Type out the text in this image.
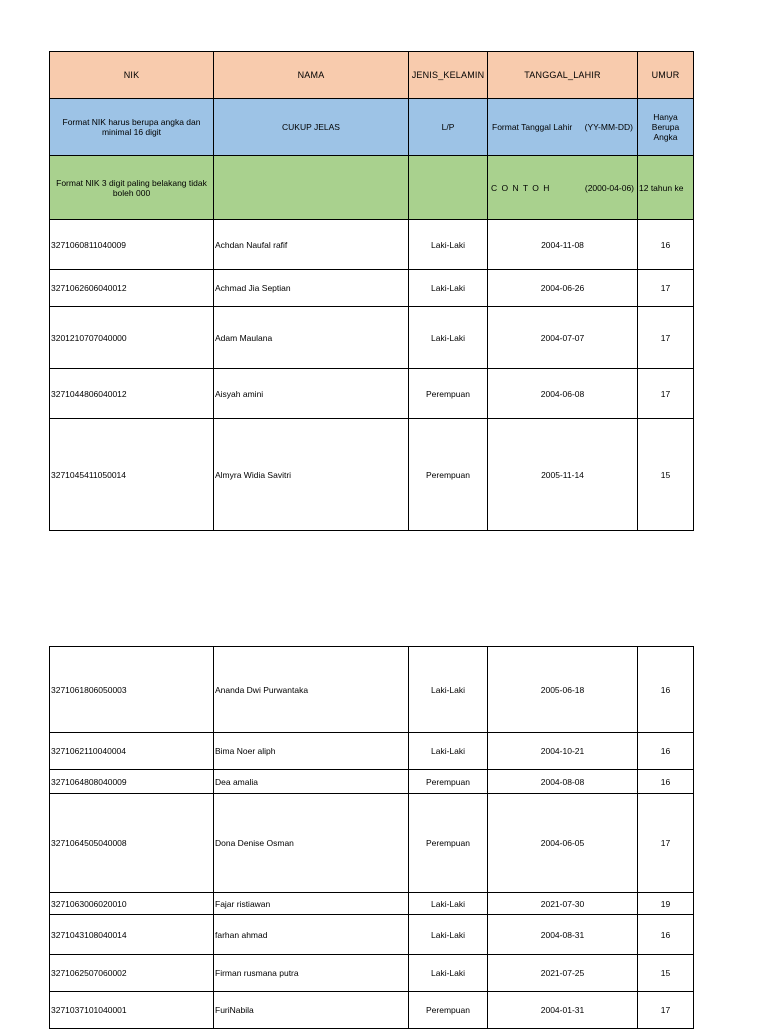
NIK	NAMA	JENIS_KELAMIN	TANGGAL_LAHIR	UMUR
Format NIK harus berupa angka dan minimal 16 digit	CUKUP JELAS	L/P	Format Tanggal Lahir (YY-MM-DD)	Hanya Berupa Angka
Format NIK 3 digit paling belakang tidak boleh 000			C O N T O H (2000-04-06)	12 tahun ke
3271060811040009	Achdan Naufal rafif	Laki-Laki	2004-11-08	16
3271062606040012	Achmad Jia Septian	Laki-Laki	2004-06-26	17
3201210707040000	Adam Maulana	Laki-Laki	2004-07-07	17
3271044806040012	Aisyah amini	Perempuan	2004-06-08	17
3271045411050014	Almyra Widia Savitri	Perempuan	2005-11-14	15
3271061806050003	Ananda Dwi Purwantaka	Laki-Laki	2005-06-18	16
3271062110040004	Bima Noer aliph	Laki-Laki	2004-10-21	16
3271064808040009	Dea amalia	Perempuan	2004-08-08	16
3271064505040008	Dona Denise Osman	Perempuan	2004-06-05	17
3271063006020010	Fajar ristiawan	Laki-Laki	2021-07-30	19
3271043108040014	farhan ahmad	Laki-Laki	2004-08-31	16
3271062507060002	Firman rusmana putra	Laki-Laki	2021-07-25	15
3271037101040001	FuriNabila	Perempuan	2004-01-31	17
